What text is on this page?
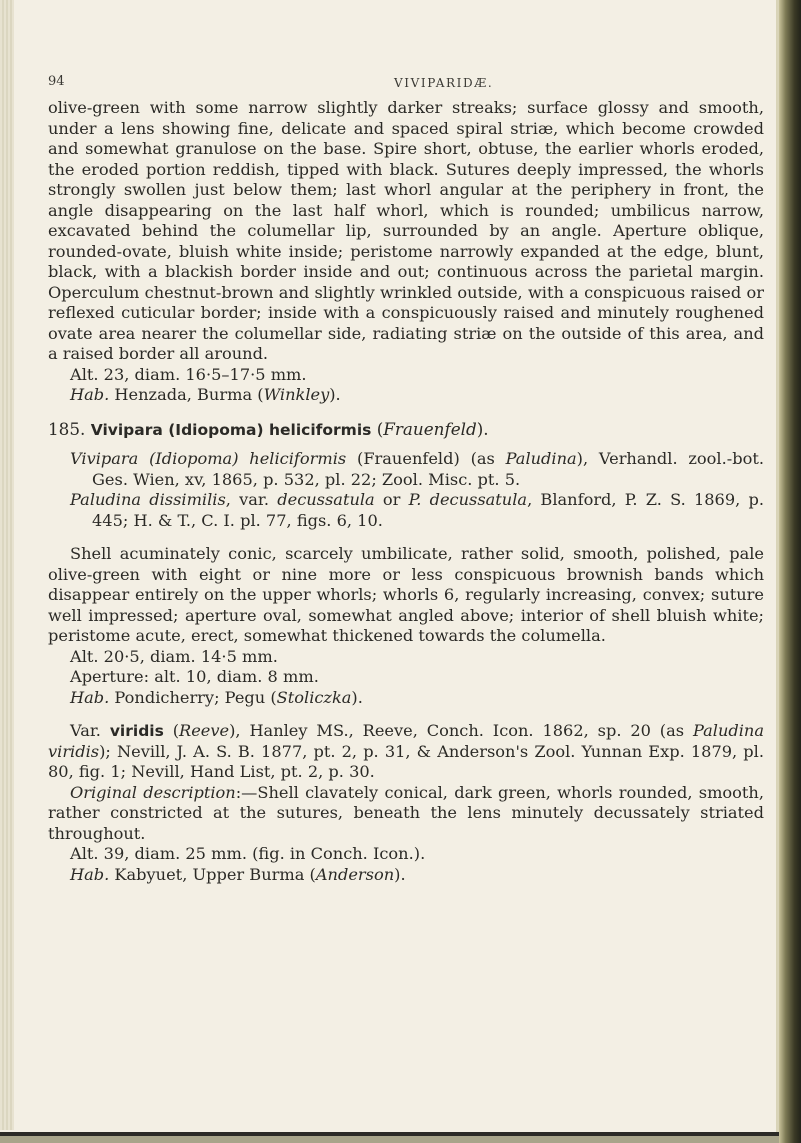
94	VIVIPARIDÆ.

olive-green with some narrow slightly darker streaks; surface glossy and smooth, under a lens showing fine, delicate and spaced spiral striæ, which become crowded and somewhat granulose on the base. Spire short, obtuse, the earlier whorls eroded, the eroded portion reddish, tipped with black. Sutures deeply impressed, the whorls strongly swollen just below them; last whorl angular at the periphery in front, the angle disappearing on the last half whorl, which is rounded; umbilicus narrow, excavated behind the columellar lip, surrounded by an angle. Aperture oblique, rounded-ovate, bluish white inside; peristome narrowly expanded at the edge, blunt, black, with a blackish border inside and out; continuous across the parietal margin. Operculum chestnut-brown and slightly wrinkled outside, with a conspicuous raised or reflexed cuticular border; inside with a conspicuously raised and minutely roughened ovate area nearer the columellar side, radiating striæ on the outside of this area, and a raised border all around.

Alt. 23, diam. 16·5–17·5 mm.

Hab. Henzada, Burma (Winkley).

185. Vivipara (Idiopoma) heliciformis (Frauenfeld).

Vivipara (Idiopoma) heliciformis (Frauenfeld) (as Paludina), Verhandl. zool.-bot. Ges. Wien, xv, 1865, p. 532, pl. 22; Zool. Misc. pt. 5.

Paludina dissimilis, var. decussatula or P. decussatula, Blanford, P. Z. S. 1869, p. 445; H. & T., C. I. pl. 77, figs. 6, 10.

Shell acuminately conic, scarcely umbilicate, rather solid, smooth, polished, pale olive-green with eight or nine more or less conspicuous brownish bands which disappear entirely on the upper whorls; whorls 6, regularly increasing, convex; suture well impressed; aperture oval, somewhat angled above; interior of shell bluish white; peristome acute, erect, somewhat thickened towards the columella.

Alt. 20·5, diam. 14·5 mm.

Aperture: alt. 10, diam. 8 mm.

Hab. Pondicherry; Pegu (Stoliczka).

Var. viridis (Reeve), Hanley MS., Reeve, Conch. Icon. 1862, sp. 20 (as Paludina viridis); Nevill, J. A. S. B. 1877, pt. 2, p. 31, & Anderson's Zool. Yunnan Exp. 1879, pl. 80, fig. 1; Nevill, Hand List, pt. 2, p. 30.

Original description:—Shell clavately conical, dark green, whorls rounded, smooth, rather constricted at the sutures, beneath the lens minutely decussately striated throughout.

Alt. 39, diam. 25 mm. (fig. in Conch. Icon.).

Hab. Kabyuet, Upper Burma (Anderson).
